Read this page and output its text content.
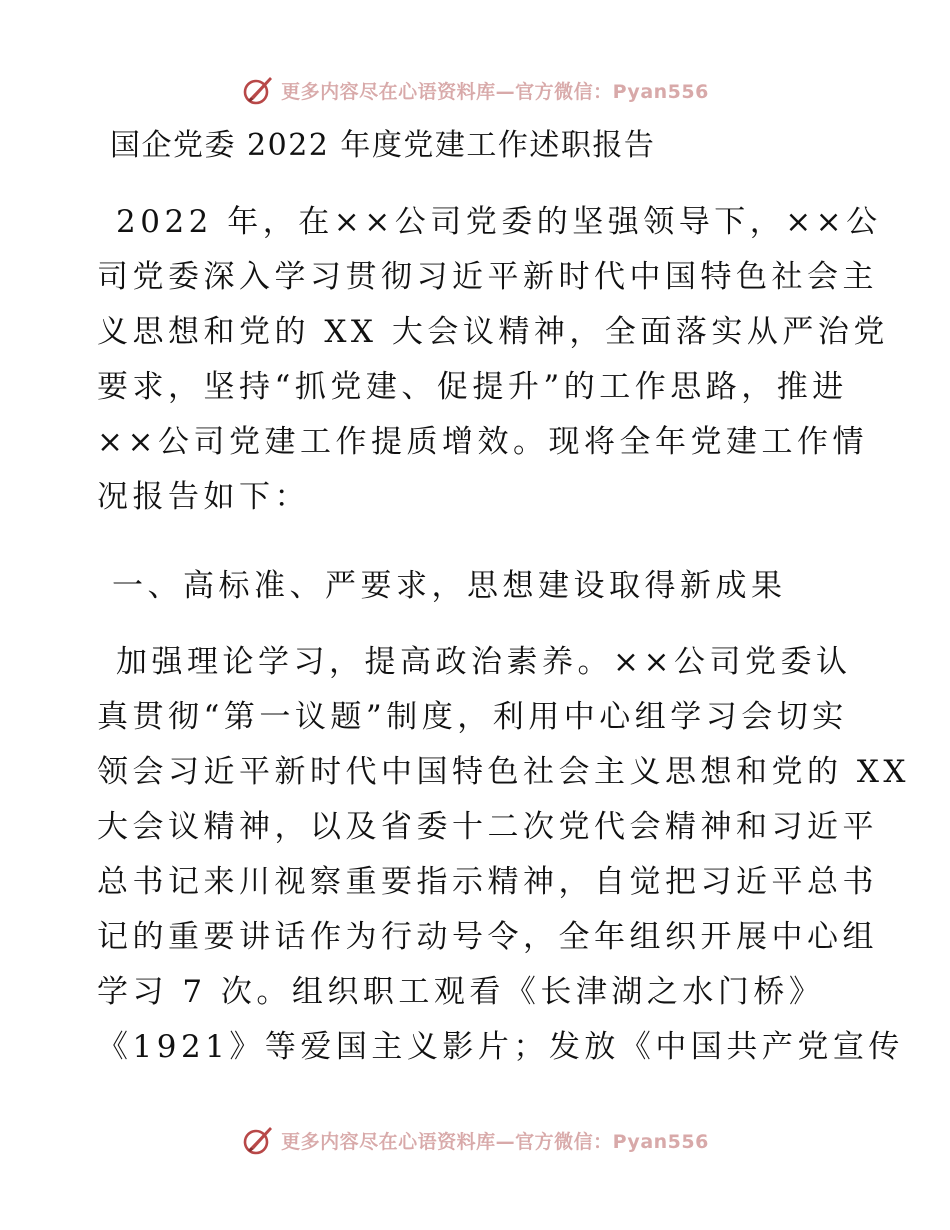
更多内容尽在心语资料库—官方微信：Pyan556
国企党委 2022 年度党建工作述职报告
2022 年，在××公司党委的坚强领导下，××公
司党委深入学习贯彻习近平新时代中国特色社会主
义思想和党的 XX 大会议精神，全面落实从严治党
要求，坚持“抓党建、促提升”的工作思路，推进
××公司党建工作提质增效。现将全年党建工作情
况报告如下：
一、高标准、严要求，思想建设取得新成果
加强理论学习，提高政治素养。××公司党委认
真贯彻“第一议题”制度，利用中心组学习会切实
领会习近平新时代中国特色社会主义思想和党的 XX
大会议精神，以及省委十二次党代会精神和习近平
总书记来川视察重要指示精神，自觉把习近平总书
记的重要讲话作为行动号令，全年组织开展中心组
学习 7 次。组织职工观看《长津湖之水门桥》
《1921》等爱国主义影片；发放《中国共产党宣传
更多内容尽在心语资料库—官方微信：Pyan556
